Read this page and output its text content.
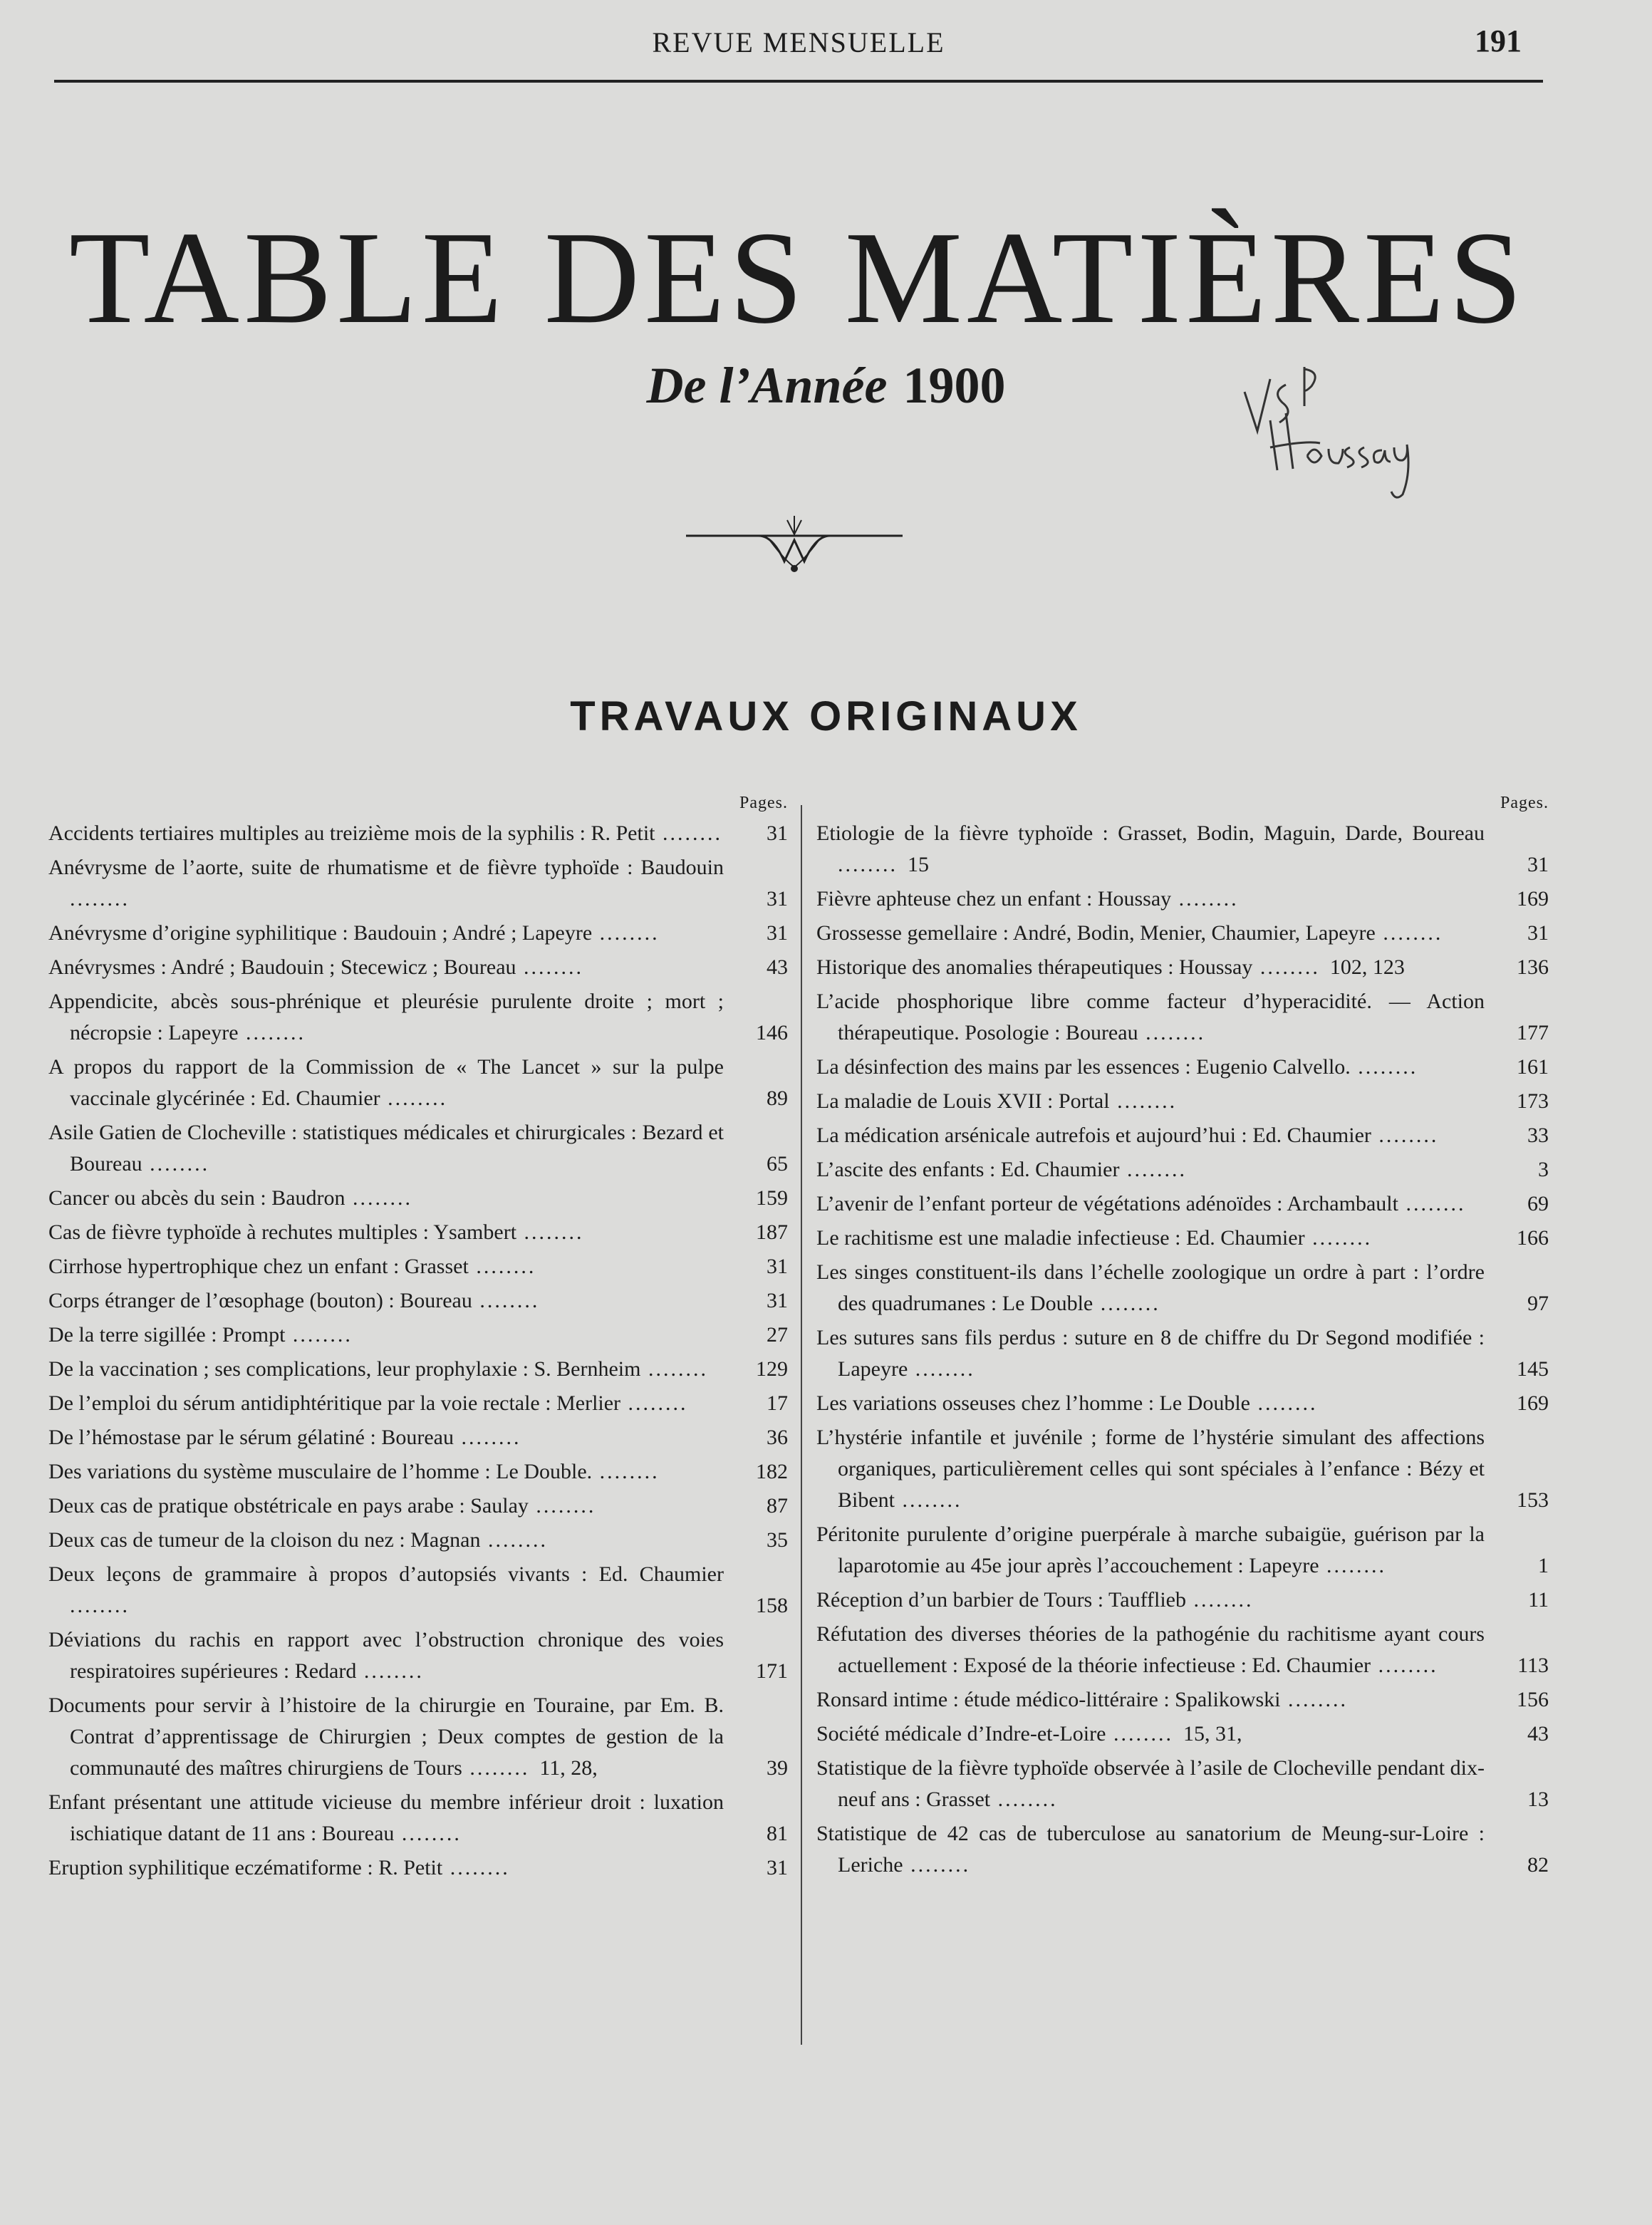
REVUE MENSUELLE	191
TABLE DES MATIÈRES
De l’Année 1900
TRAVAUX ORIGINAUX
Pages.
Accidents tertiaires multiples au treizième mois de la syphilis : R. Petit ........	31
Anévrysme de l’aorte, suite de rhumatisme et de fièvre typhoïde : Baudouin ........	31
Anévrysme d’origine syphilitique : Baudouin ; André ; Lapeyre ........	31
Anévrysmes : André ; Baudouin ; Stecewicz ; Boureau ........	43
Appendicite, abcès sous-phrénique et pleurésie purulente droite ; mort ; nécropsie : Lapeyre ........	146
A propos du rapport de la Commission de « The Lancet » sur la pulpe vaccinale glycérinée : Ed. Chaumier ........	89
Asile Gatien de Clocheville : statistiques médicales et chirurgicales : Bezard et Boureau ........	65
Cancer ou abcès du sein : Baudron ........	159
Cas de fièvre typhoïde à rechutes multiples : Ysambert ........	187
Cirrhose hypertrophique chez un enfant : Grasset ........	31
Corps étranger de l’œsophage (bouton) : Boureau ........	31
De la terre sigillée : Prompt ........	27
De la vaccination ; ses complications, leur prophylaxie : S. Bernheim ........	129
De l’emploi du sérum antidiphtéritique par la voie rectale : Merlier ........	17
De l’hémostase par le sérum gélatiné : Boureau ........	36
Des variations du système musculaire de l’homme : Le Double. ........	182
Deux cas de pratique obstétricale en pays arabe : Saulay ........	87
Deux cas de tumeur de la cloison du nez : Magnan ........	35
Deux leçons de grammaire à propos d’autopsiés vivants : Ed. Chaumier ........	158
Déviations du rachis en rapport avec l’obstruction chronique des voies respiratoires supérieures : Redard ........	171
Documents pour servir à l’histoire de la chirurgie en Touraine, par Em. B. Contrat d’apprentissage de Chirurgien ; Deux comptes de gestion de la communauté des maîtres chirurgiens de Tours ........ 11, 28,	39
Enfant présentant une attitude vicieuse du membre inférieur droit : luxation ischiatique datant de 11 ans : Boureau ........	81
Eruption syphilitique eczématiforme : R. Petit ........	31
Pages.
Etiologie de la fièvre typhoïde : Grasset, Bodin, Maguin, Darde, Boureau ........ 15	31
Fièvre aphteuse chez un enfant : Houssay ........	169
Grossesse gemellaire : André, Bodin, Menier, Chaumier, Lapeyre ........	31
Historique des anomalies thérapeutiques : Houssay ........ 102, 123	136
L’acide phosphorique libre comme facteur d’hyperacidité. — Action thérapeutique. Posologie : Boureau ........	177
La désinfection des mains par les essences : Eugenio Calvello. ........	161
La maladie de Louis XVII : Portal ........	173
La médication arsénicale autrefois et aujourd’hui : Ed. Chaumier ........	33
L’ascite des enfants : Ed. Chaumier ........	3
L’avenir de l’enfant porteur de végétations adénoïdes : Archambault ........	69
Le rachitisme est une maladie infectieuse : Ed. Chaumier ........	166
Les singes constituent-ils dans l’échelle zoologique un ordre à part : l’ordre des quadrumanes : Le Double ........	97
Les sutures sans fils perdus : suture en 8 de chiffre du Dr Segond modifiée : Lapeyre ........	145
Les variations osseuses chez l’homme : Le Double ........	169
L’hystérie infantile et juvénile ; forme de l’hystérie simulant des affections organiques, particulièrement celles qui sont spéciales à l’enfance : Bézy et Bibent ........	153
Péritonite purulente d’origine puerpérale à marche subaigüe, guérison par la laparotomie au 45e jour après l’accouchement : Lapeyre ........	1
Réception d’un barbier de Tours : Taufflieb ........	11
Réfutation des diverses théories de la pathogénie du rachitisme ayant cours actuellement : Exposé de la théorie infectieuse : Ed. Chaumier ........	113
Ronsard intime : étude médico-littéraire : Spalikowski ........	156
Société médicale d’Indre-et-Loire ........ 15, 31,	43
Statistique de la fièvre typhoïde observée à l’asile de Clocheville pendant dix-neuf ans : Grasset ........	13
Statistique de 42 cas de tuberculose au sanatorium de Meung-sur-Loire : Leriche ........	82
